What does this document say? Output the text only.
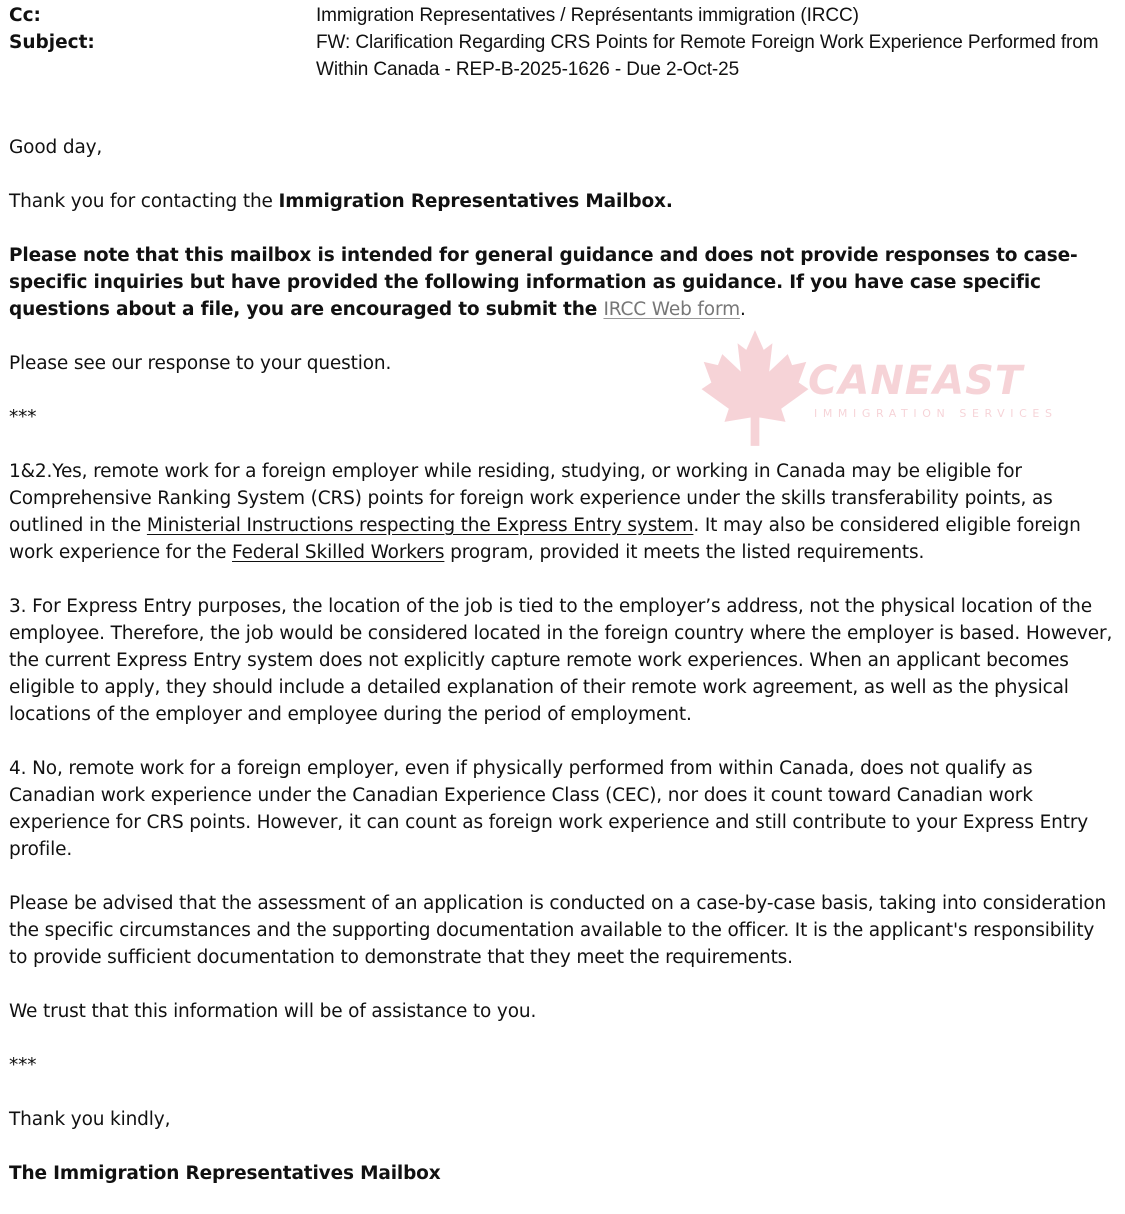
Cc:	Immigration Representatives / Représentants immigration (IRCC)
Subject:	FW: Clarification Regarding CRS Points for Remote Foreign Work Experience Performed from Within Canada - REP-B-2025-1626 - Due 2-Oct-25
CANEAST
IMMIGRATION SERVICES

Good day,

Thank you for contacting the Immigration Representatives Mailbox.

Please note that this mailbox is intended for general guidance and does not provide responses to case-specific inquiries but have provided the following information as guidance. If you have case specific questions about a file, you are encouraged to submit the IRCC Web form.

Please see our response to your question.

***

1&2.Yes, remote work for a foreign employer while residing, studying, or working in Canada may be eligible for Comprehensive Ranking System (CRS) points for foreign work experience under the skills transferability points, as outlined in the Ministerial Instructions respecting the Express Entry system. It may also be considered eligible foreign work experience for the Federal Skilled Workers program, provided it meets the listed requirements.

3. For Express Entry purposes, the location of the job is tied to the employer’s address, not the physical location of the employee. Therefore, the job would be considered located in the foreign country where the employer is based. However, the current Express Entry system does not explicitly capture remote work experiences. When an applicant becomes eligible to apply, they should include a detailed explanation of their remote work agreement, as well as the physical locations of the employer and employee during the period of employment.

4. No, remote work for a foreign employer, even if physically performed from within Canada, does not qualify as Canadian work experience under the Canadian Experience Class (CEC), nor does it count toward Canadian work experience for CRS points. However, it can count as foreign work experience and still contribute to your Express Entry profile.

Please be advised that the assessment of an application is conducted on a case-by-case basis, taking into consideration the specific circumstances and the supporting documentation available to the officer. It is the applicant's responsibility to provide sufficient documentation to demonstrate that they meet the requirements.

We trust that this information will be of assistance to you.

***

Thank you kindly,

The Immigration Representatives Mailbox
